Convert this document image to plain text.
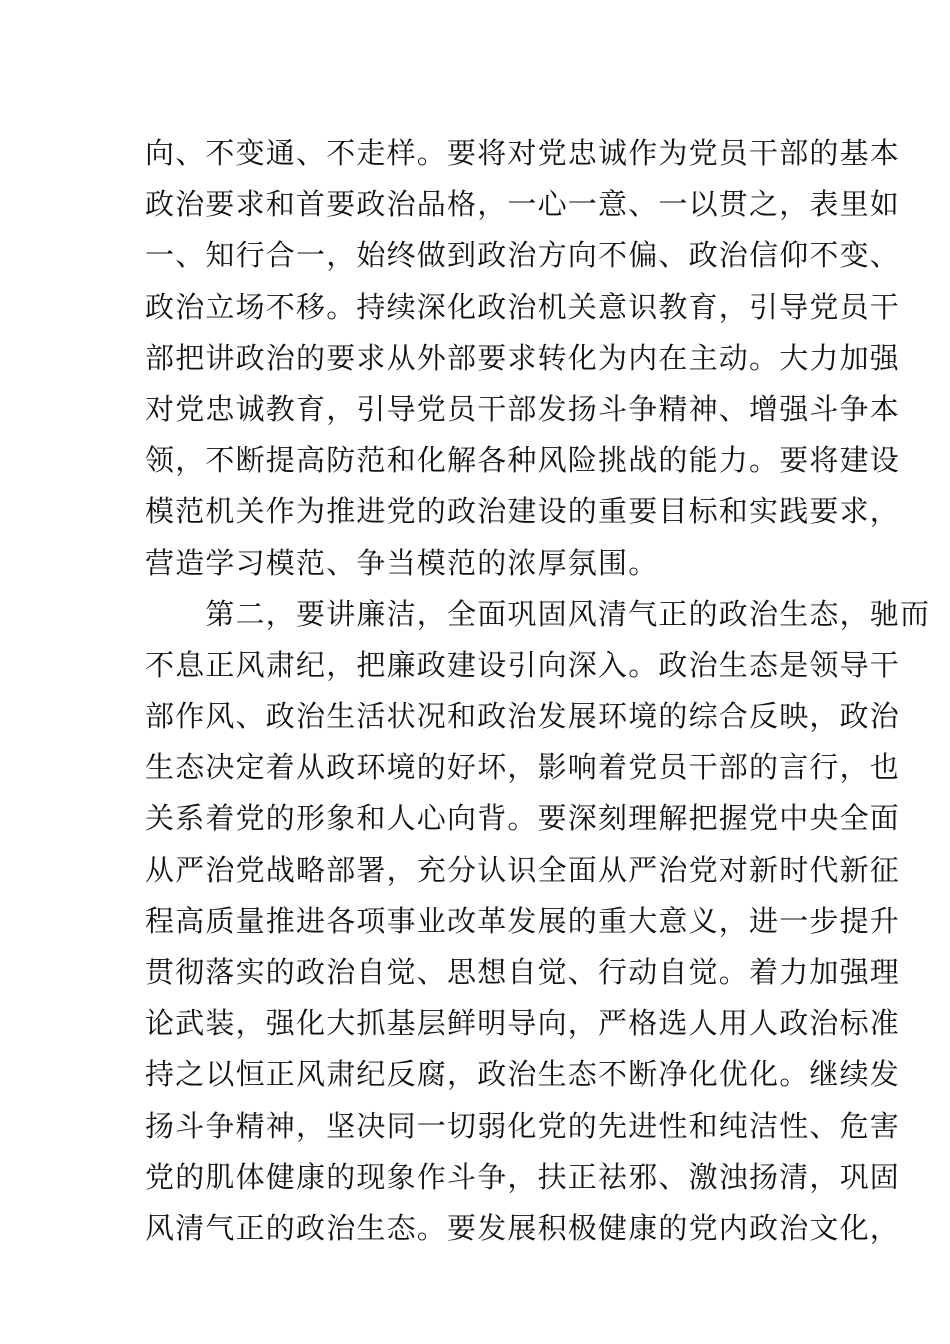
向、不变通、不走样。要将对党忠诚作为党员干部的基本
政治要求和首要政治品格，一心一意、一以贯之，表里如
一、知行合一，始终做到政治方向不偏、政治信仰不变、
政治立场不移。持续深化政治机关意识教育，引导党员干
部把讲政治的要求从外部要求转化为内在主动。大力加强
对党忠诚教育，引导党员干部发扬斗争精神、增强斗争本
领，不断提高防范和化解各种风险挑战的能力。要将建设
模范机关作为推进党的政治建设的重要目标和实践要求，
营造学习模范、争当模范的浓厚氛围。
　　第二，要讲廉洁，全面巩固风清气正的政治生态，驰而
不息正风肃纪，把廉政建设引向深入。政治生态是领导干
部作风、政治生活状况和政治发展环境的综合反映，政治
生态决定着从政环境的好坏，影响着党员干部的言行，也
关系着党的形象和人心向背。要深刻理解把握党中央全面
从严治党战略部署，充分认识全面从严治党对新时代新征
程高质量推进各项事业改革发展的重大意义，进一步提升
贯彻落实的政治自觉、思想自觉、行动自觉。着力加强理
论武装，强化大抓基层鲜明导向，严格选人用人政治标准
持之以恒正风肃纪反腐，政治生态不断净化优化。继续发
扬斗争精神，坚决同一切弱化党的先进性和纯洁性、危害
党的肌体健康的现象作斗争，扶正祛邪、激浊扬清，巩固
风清气正的政治生态。要发展积极健康的党内政治文化，
